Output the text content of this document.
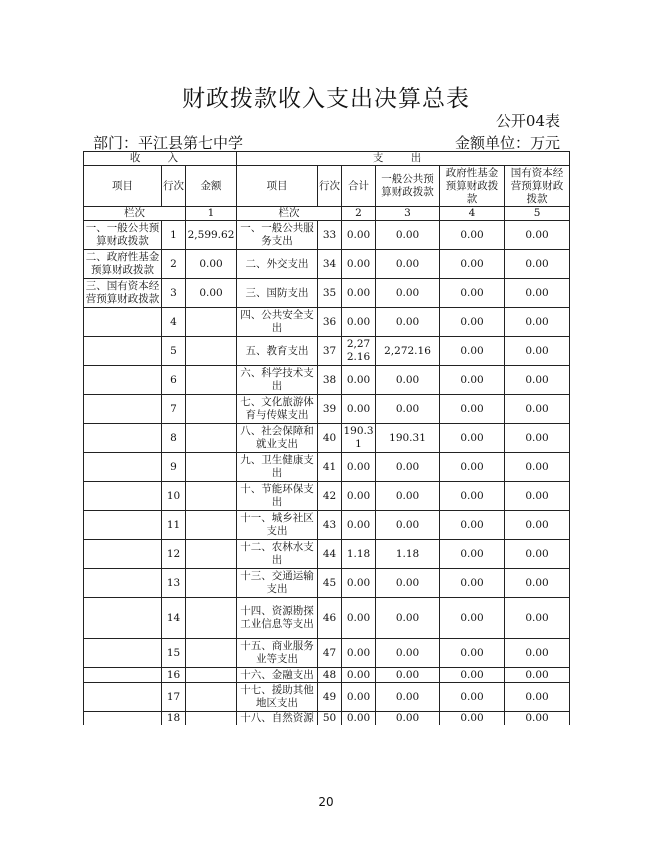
财政拨款收入支出决算总表
公开04表
部门：平江县第七中学	金额单位：万元
收 入			支 出					
项目	行次	金额	项目	行次	合计	一般公共预算财政拨款	政府性基金预算财政拨款	国有资本经营预算财政拨款
栏次		1	栏次		2	3	4	5
一、一般公共预算财政拨款	1	2,599.62	一、一般公共服务支出	33	0.00	0.00	0.00	0.00
二、政府性基金预算财政拨款	2	0.00	二、外交支出	34	0.00	0.00	0.00	0.00
三、国有资本经营预算财政拨款	3	0.00	三、国防支出	35	0.00	0.00	0.00	0.00
	4		四、公共安全支出	36	0.00	0.00	0.00	0.00
	5		五、教育支出	37	2,272.16	2,272.16	0.00	0.00
	6		六、科学技术支出	38	0.00	0.00	0.00	0.00
	7		七、文化旅游体育与传媒支出	39	0.00	0.00	0.00	0.00
	8		八、社会保障和就业支出	40	190.31	190.31	0.00	0.00
	9		九、卫生健康支出	41	0.00	0.00	0.00	0.00
	10		十、节能环保支出	42	0.00	0.00	0.00	0.00
	11		十一、城乡社区支出	43	0.00	0.00	0.00	0.00
	12		十二、农林水支出	44	1.18	1.18	0.00	0.00
	13		十三、交通运输支出	45	0.00	0.00	0.00	0.00
	14		十四、资源勘探工业信息等支出	46	0.00	0.00	0.00	0.00
	15		十五、商业服务业等支出	47	0.00	0.00	0.00	0.00
	16		十六、金融支出	48	0.00	0.00	0.00	0.00
	17		十七、援助其他地区支出	49	0.00	0.00	0.00	0.00
	18		十八、自然资源	50	0.00	0.00	0.00	0.00
20
